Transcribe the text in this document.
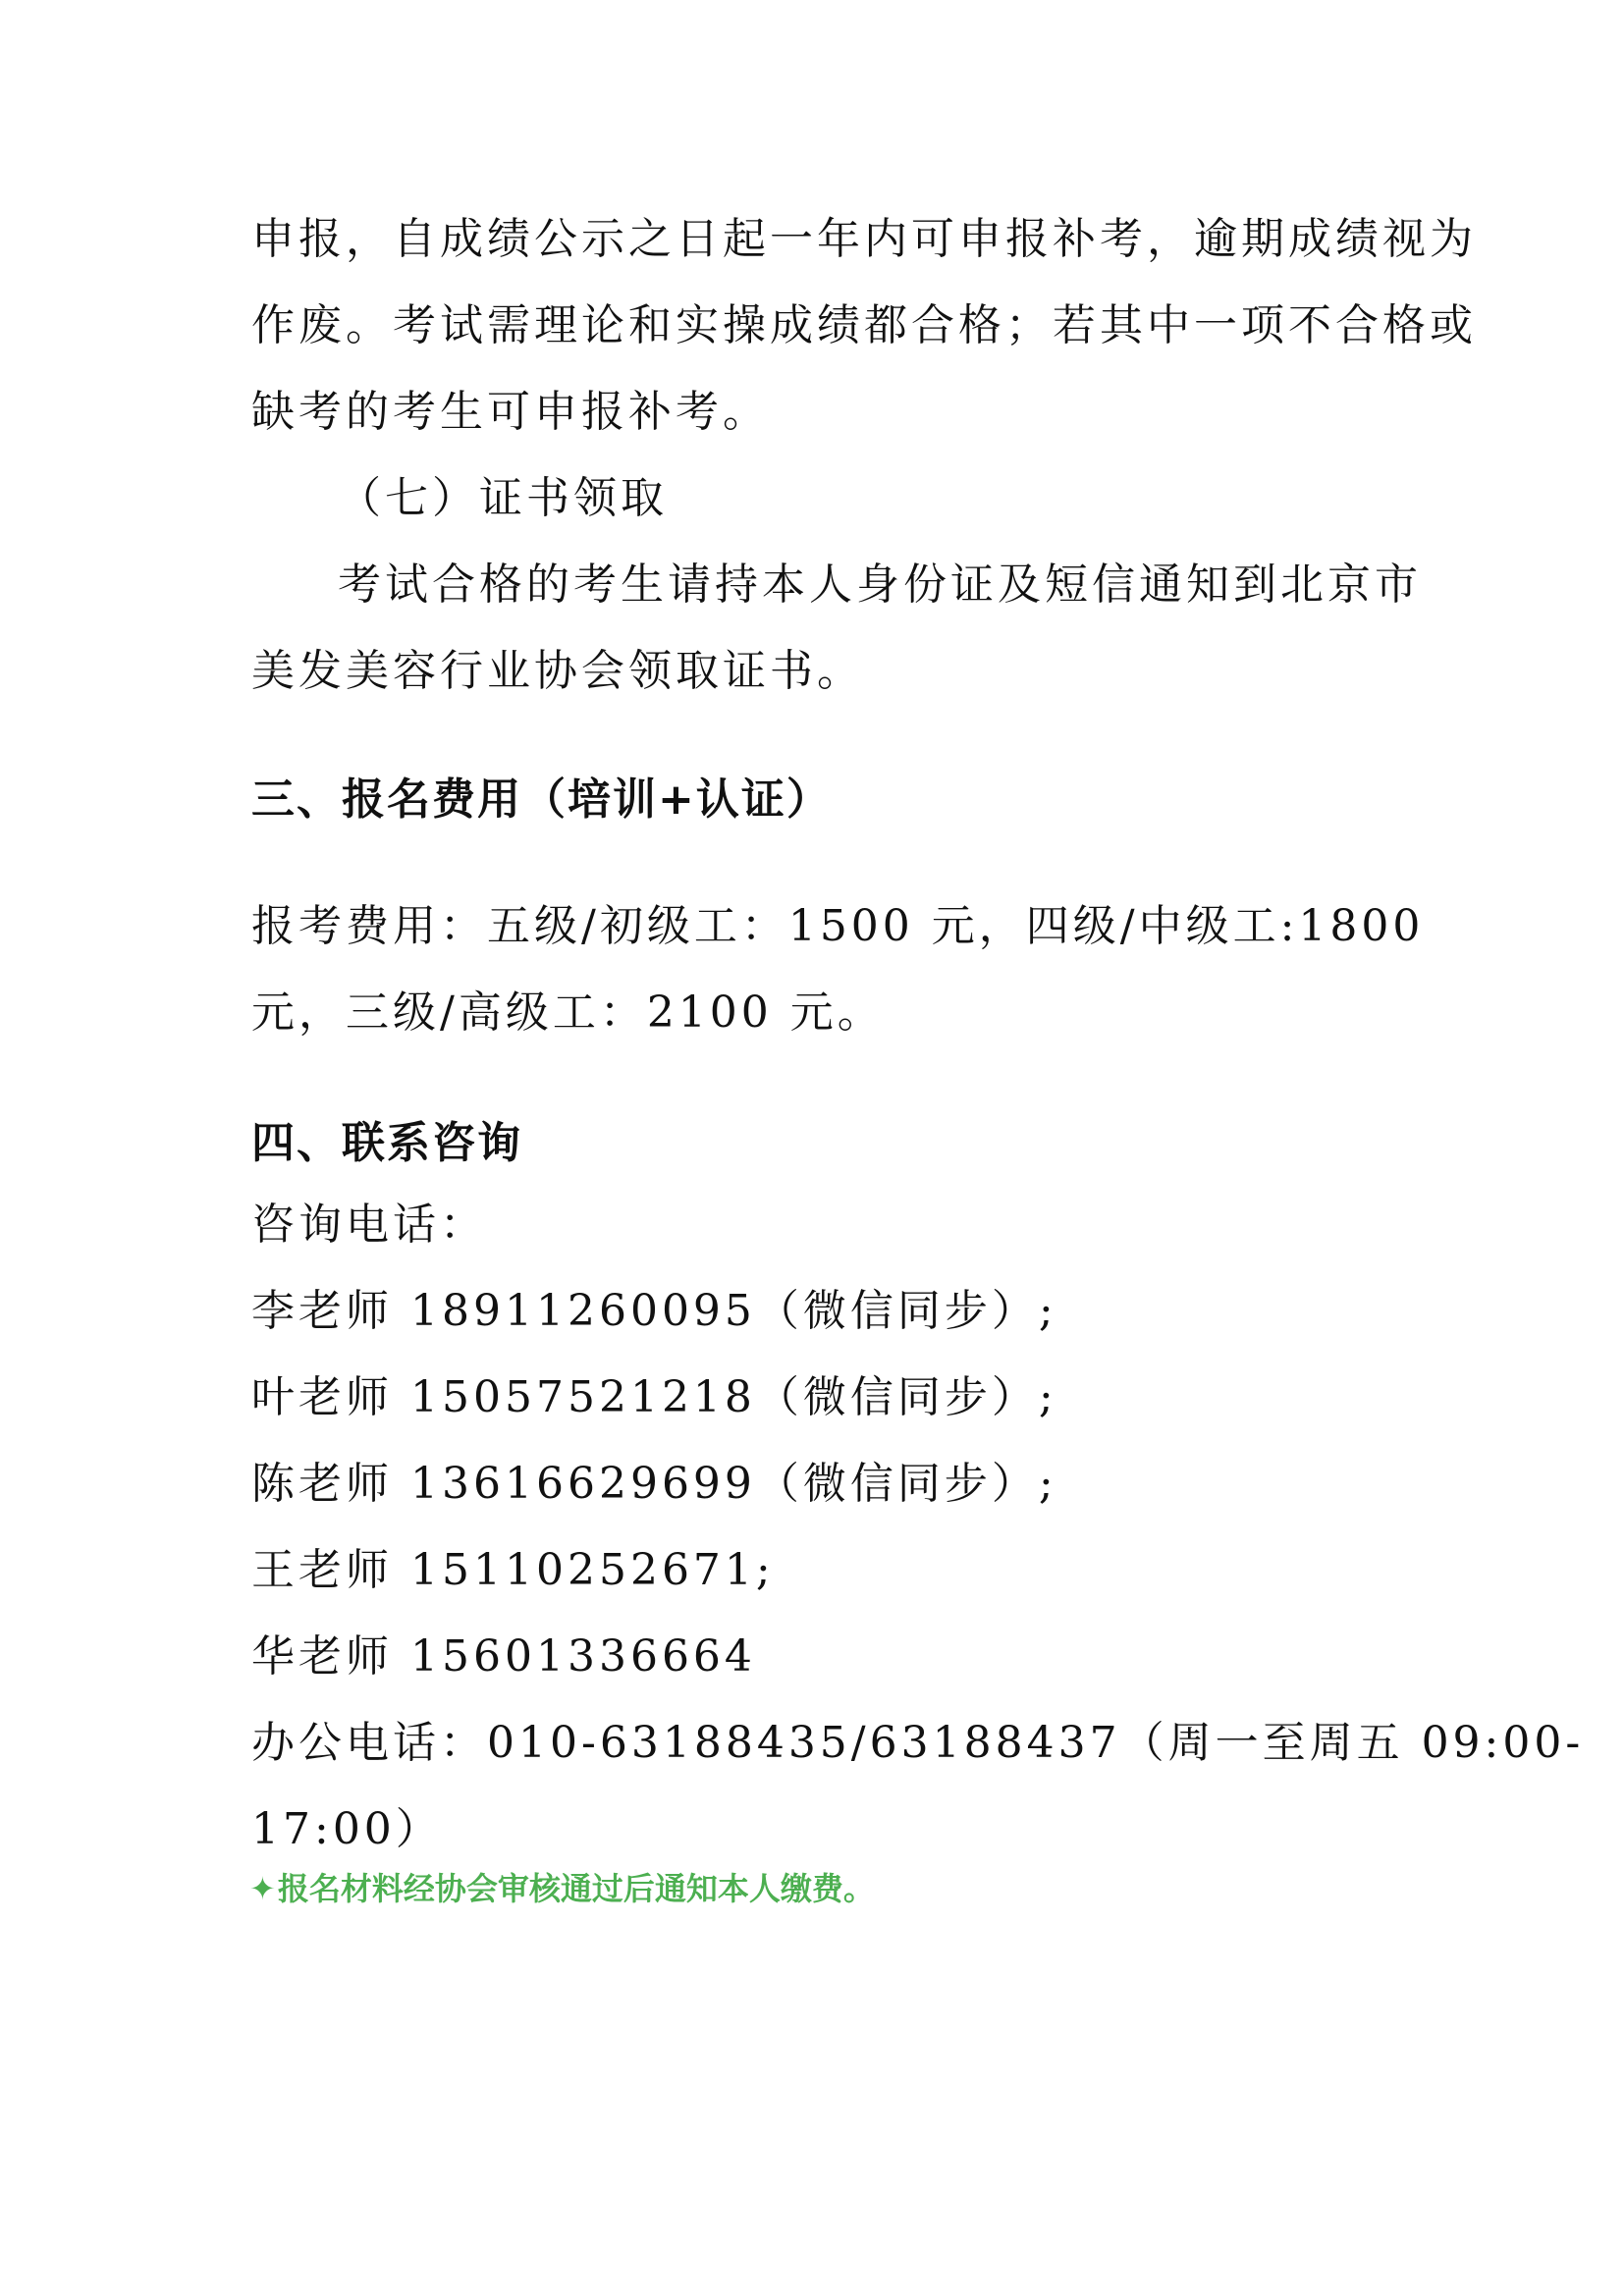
申报，自成绩公示之日起一年内可申报补考，逾期成绩视为
作废。考试需理论和实操成绩都合格；若其中一项不合格或
缺考的考生可申报补考。
（七）证书领取
考试合格的考生请持本人身份证及短信通知到北京市
美发美容行业协会领取证书。
三、报名费用（培训+认证）
报考费用：五级/初级工：1500 元，四级/中级工:1800
元，三级/高级工：2100 元。
四、联系咨询
咨询电话：
李老师 18911260095（微信同步）;
叶老师 15057521218（微信同步）;
陈老师 13616629699（微信同步）;
王老师 15110252671;
华老师 15601336664
办公电话：010-63188435/63188437（周一至周五 09:00-
17:00）
✦报名材料经协会审核通过后通知本人缴费。
